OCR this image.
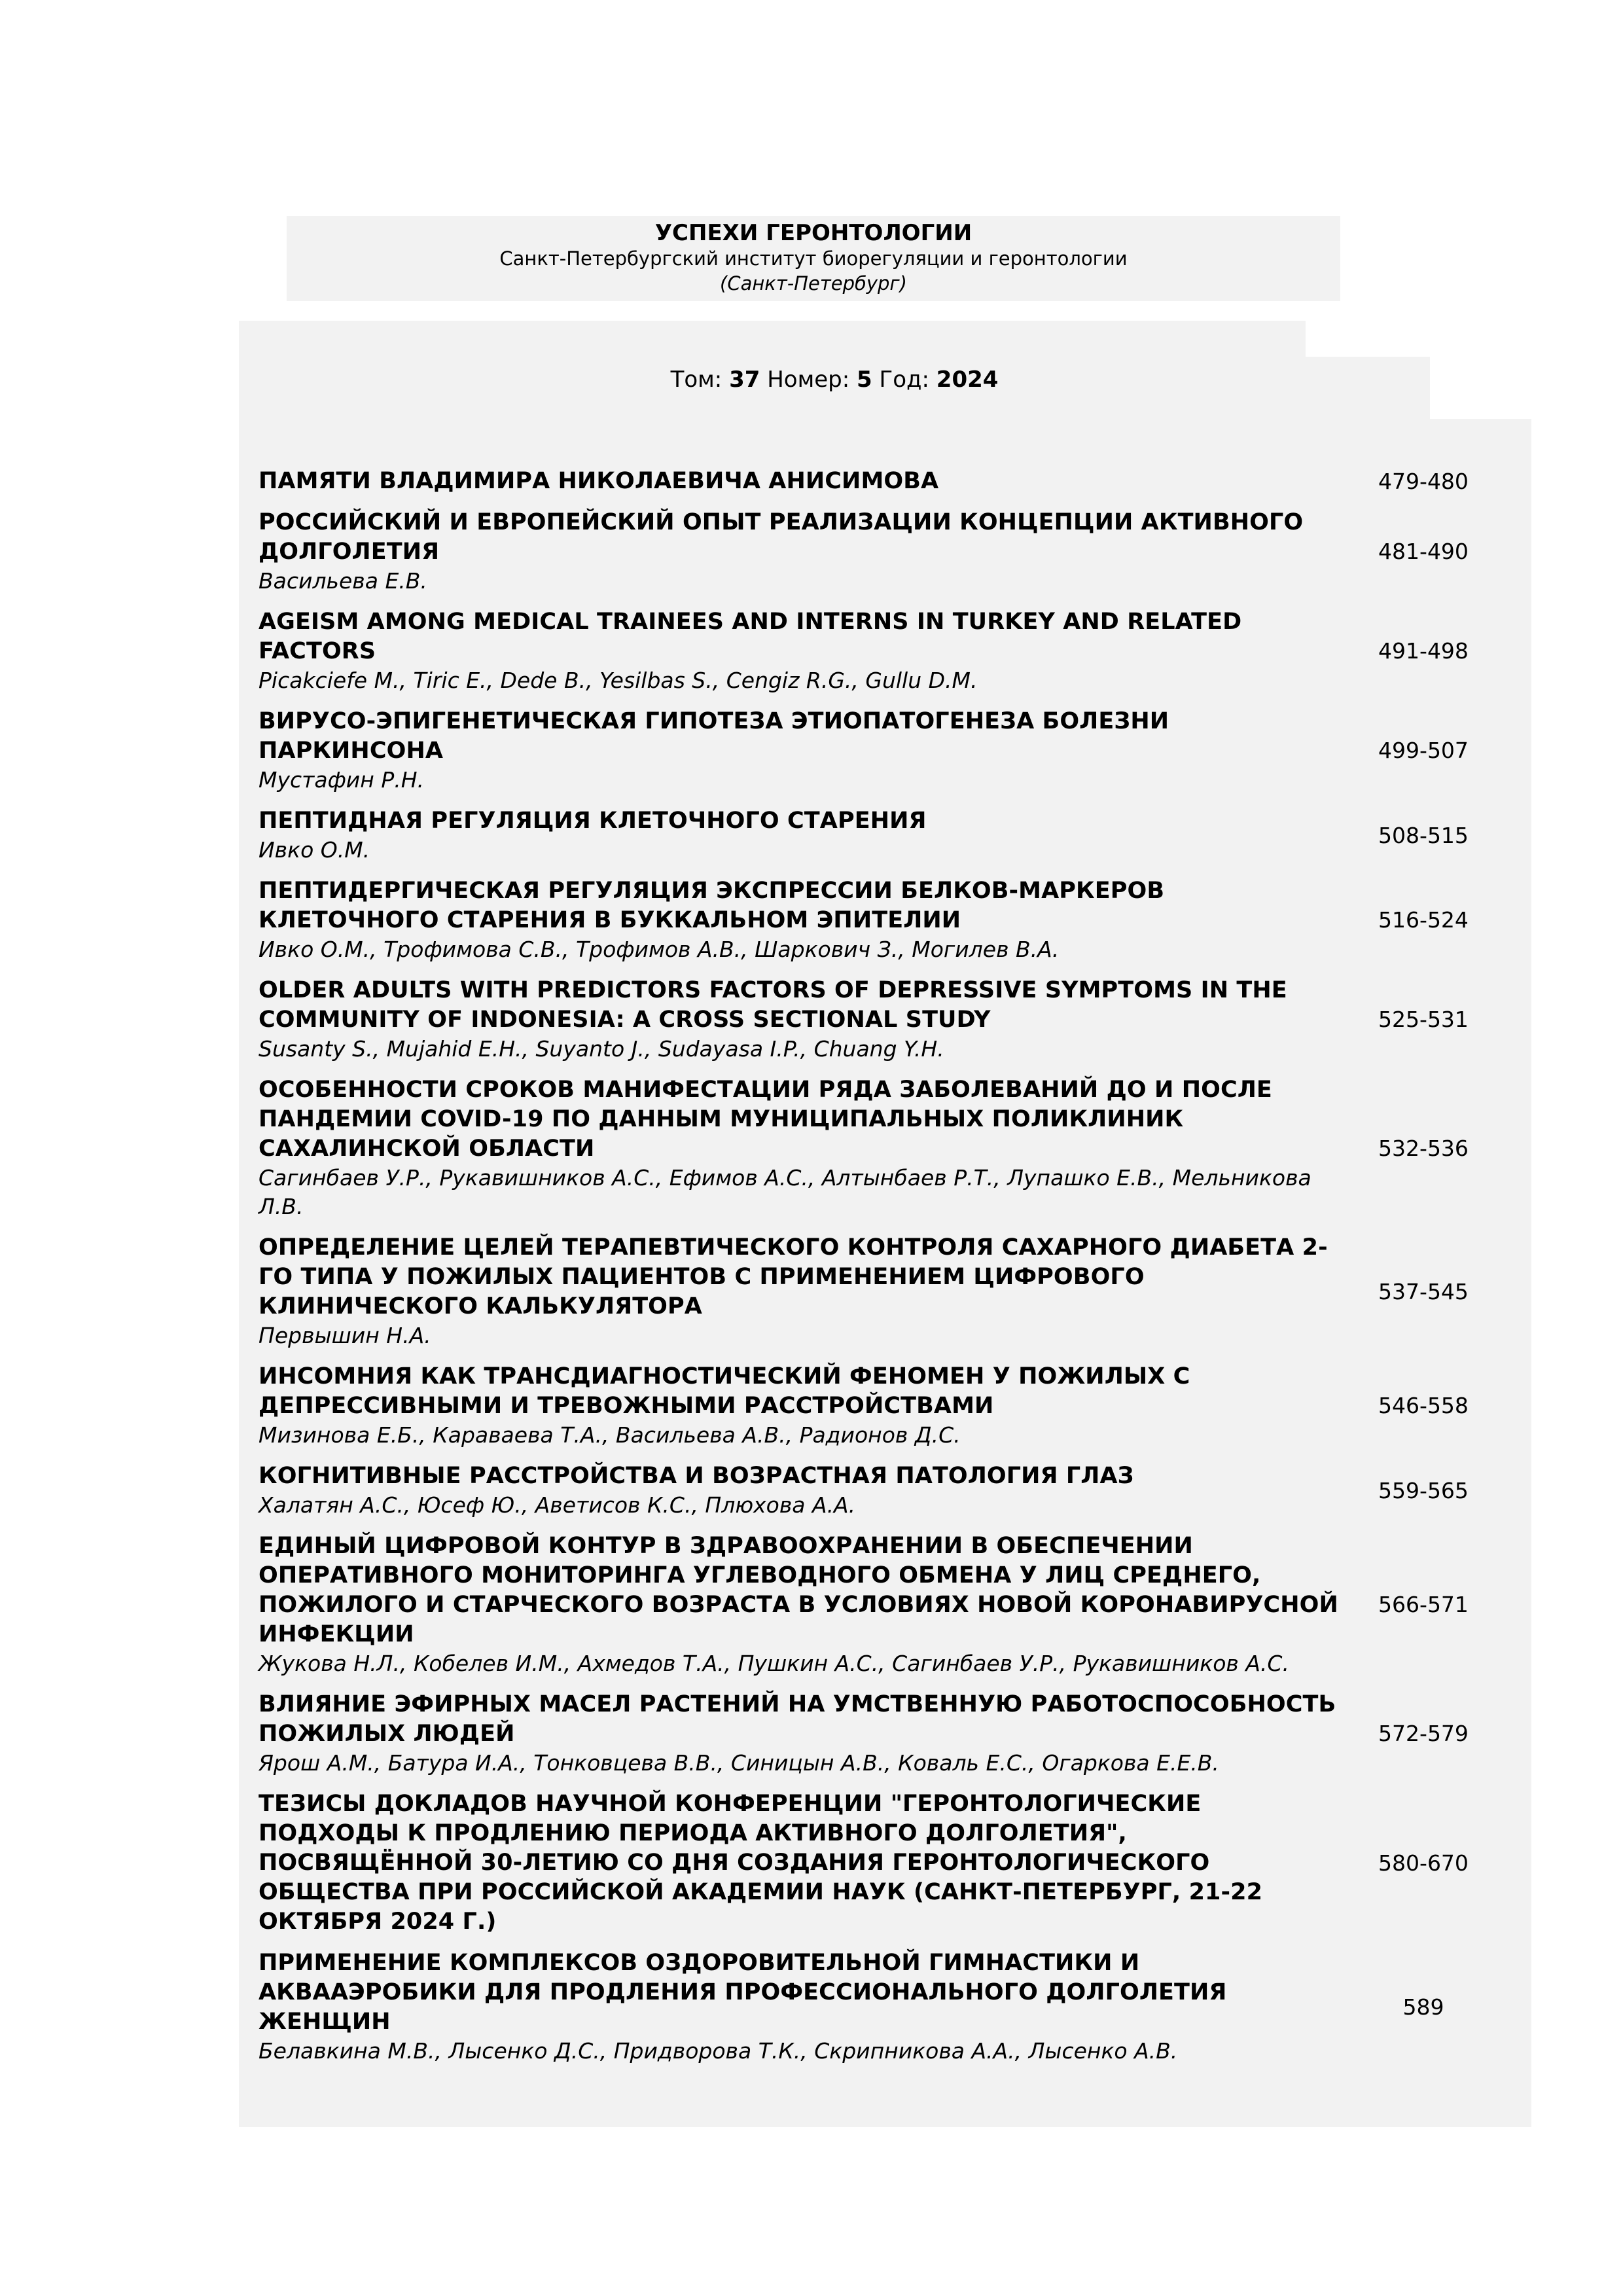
УСПЕХИ ГЕРОНТОЛОГИИ
Санкт-Петербургский институт биорегуляции и геронтологии
(Санкт-Петербург)
Том: 37 Номер: 5 Год: 2024
ПАМЯТИ ВЛАДИМИРА НИКОЛАЕВИЧА АНИСИМОВА	479-480
РОССИЙСКИЙ И ЕВРОПЕЙСКИЙ ОПЫТ РЕАЛИЗАЦИИ КОНЦЕПЦИИ АКТИВНОГО ДОЛГОЛЕТИЯ
Васильева Е.В.
481-490
AGEISM AMONG MEDICAL TRAINEES AND INTERNS IN TURKEY AND RELATED FACTORS
Picakciefe M., Tiric E., Dede B., Yesilbas S., Cengiz R.G., Gullu D.M.
491-498
ВИРУСО-ЭПИГЕНЕТИЧЕСКАЯ ГИПОТЕЗА ЭТИОПАТОГЕНЕЗА БОЛЕЗНИ ПАРКИНСОНА
Мустафин Р.Н.
499-507
ПЕПТИДНАЯ РЕГУЛЯЦИЯ КЛЕТОЧНОГО СТАРЕНИЯ
Ивко О.М.
508-515
ПЕПТИДЕРГИЧЕСКАЯ РЕГУЛЯЦИЯ ЭКСПРЕССИИ БЕЛКОВ-МАРКЕРОВ КЛЕТОЧНОГО СТАРЕНИЯ В БУККАЛЬНОМ ЭПИТЕЛИИ
Ивко О.М., Трофимова С.В., Трофимов А.В., Шаркович З., Могилев В.А.
516-524
OLDER ADULTS WITH PREDICTORS FACTORS OF DEPRESSIVE SYMPTOMS IN THE COMMUNITY OF INDONESIA: A CROSS SECTIONAL STUDY
Susanty S., Mujahid E.H., Suyanto J., Sudayasa I.P., Chuang Y.H.
525-531
ОСОБЕННОСТИ СРОКОВ МАНИФЕСТАЦИИ РЯДА ЗАБОЛЕВАНИЙ ДО И ПОСЛЕ ПАНДЕМИИ COVID-19 ПО ДАННЫМ МУНИЦИПАЛЬНЫХ ПОЛИКЛИНИК САХАЛИНСКОЙ ОБЛАСТИ
Сагинбаев У.Р., Рукавишников А.С., Ефимов А.С., Алтынбаев Р.Т., Лупашко Е.В., Мельникова Л.В.
532-536
ОПРЕДЕЛЕНИЕ ЦЕЛЕЙ ТЕРАПЕВТИЧЕСКОГО КОНТРОЛЯ САХАРНОГО ДИАБЕТА 2-ГО ТИПА У ПОЖИЛЫХ ПАЦИЕНТОВ С ПРИМЕНЕНИЕМ ЦИФРОВОГО КЛИНИЧЕСКОГО КАЛЬКУЛЯТОРА
Первышин Н.А.
537-545
ИНСОМНИЯ КАК ТРАНСДИАГНОСТИЧЕСКИЙ ФЕНОМЕН У ПОЖИЛЫХ С ДЕПРЕССИВНЫМИ И ТРЕВОЖНЫМИ РАССТРОЙСТВАМИ
Мизинова Е.Б., Караваева Т.А., Васильева А.В., Радионов Д.С.
546-558
КОГНИТИВНЫЕ РАССТРОЙСТВА И ВОЗРАСТНАЯ ПАТОЛОГИЯ ГЛАЗ
Халатян А.С., Юсеф Ю., Аветисов К.С., Плюхова А.А.
559-565
ЕДИНЫЙ ЦИФРОВОЙ КОНТУР В ЗДРАВООХРАНЕНИИ В ОБЕСПЕЧЕНИИ ОПЕРАТИВНОГО МОНИТОРИНГА УГЛЕВОДНОГО ОБМЕНА У ЛИЦ СРЕДНЕГО, ПОЖИЛОГО И СТАРЧЕСКОГО ВОЗРАСТА В УСЛОВИЯХ НОВОЙ КОРОНАВИРУСНОЙ ИНФЕКЦИИ
Жукова Н.Л., Кобелев И.М., Ахмедов Т.А., Пушкин А.С., Сагинбаев У.Р., Рукавишников А.С.
566-571
ВЛИЯНИЕ ЭФИРНЫХ МАСЕЛ РАСТЕНИЙ НА УМСТВЕННУЮ РАБОТОСПОСОБНОСТЬ ПОЖИЛЫХ ЛЮДЕЙ
Ярош А.М., Батура И.А., Тонковцева В.В., Синицын А.В., Коваль Е.С., Огаркова Е.Е.В.
572-579
ТЕЗИСЫ ДОКЛАДОВ НАУЧНОЙ КОНФЕРЕНЦИИ "ГЕРОНТОЛОГИЧЕСКИЕ ПОДХОДЫ К ПРОДЛЕНИЮ ПЕРИОДА АКТИВНОГО ДОЛГОЛЕТИЯ", ПОСВЯЩЁННОЙ 30-ЛЕТИЮ СО ДНЯ СОЗДАНИЯ ГЕРОНТОЛОГИЧЕСКОГО ОБЩЕСТВА ПРИ РОССИЙСКОЙ АКАДЕМИИ НАУК (САНКТ-ПЕТЕРБУРГ, 21-22 ОКТЯБРЯ 2024 Г.)
580-670
ПРИМЕНЕНИЕ КОМПЛЕКСОВ ОЗДОРОВИТЕЛЬНОЙ ГИМНАСТИКИ И АКВААЭРОБИКИ ДЛЯ ПРОДЛЕНИЯ ПРОФЕССИОНАЛЬНОГО ДОЛГОЛЕТИЯ ЖЕНЩИН
Белавкина М.В., Лысенко Д.С., Придворова Т.К., Скрипникова А.А., Лысенко А.В.
589
